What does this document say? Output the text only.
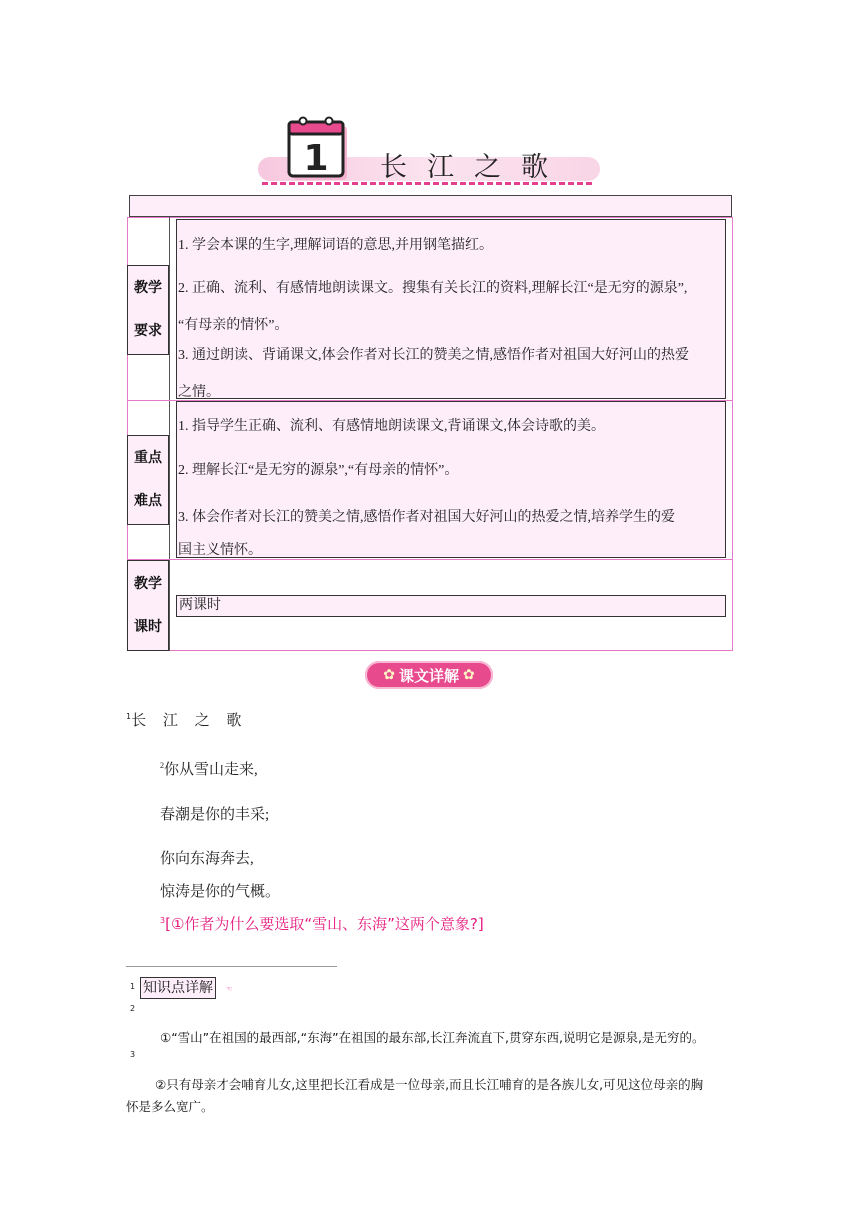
1 长江之歌
教学
要求
1. 学会本课的生字,理解词语的意思,并用钢笔描红。
2. 正确、流利、有感情地朗读课文。搜集有关长江的资料,理解长江“是无穷的源泉”,
“有母亲的情怀”。
3. 通过朗读、背诵课文,体会作者对长江的赞美之情,感悟作者对祖国大好河山的热爱
之情。
重点
难点
1. 指导学生正确、流利、有感情地朗读课文,背诵课文,体会诗歌的美。
2. 理解长江“是无穷的源泉”,“有母亲的情怀”。
3. 体会作者对长江的赞美之情,感悟作者对祖国大好河山的热爱之情,培养学生的爱
国主义情怀。
教学
课时
两课时
✿ 课文详解 ✿
$^1$长 江 之 歌
$^2$你从雪山走来,
春潮是你的丰采;
你向东海奔去,
惊涛是你的气概。
$^3$[①作者为什么要选取“雪山、东海”这两个意象?]
1 知识点详解	☜
2
①“雪山”在祖国的最西部,“东海”在祖国的最东部,长江奔流直下,贯穿东西,说明它是源泉,是无穷的。
3
②只有母亲才会哺育儿女,这里把长江看成是一位母亲,而且长江哺育的是各族儿女,可见这位母亲的胸
怀是多么宽广。
